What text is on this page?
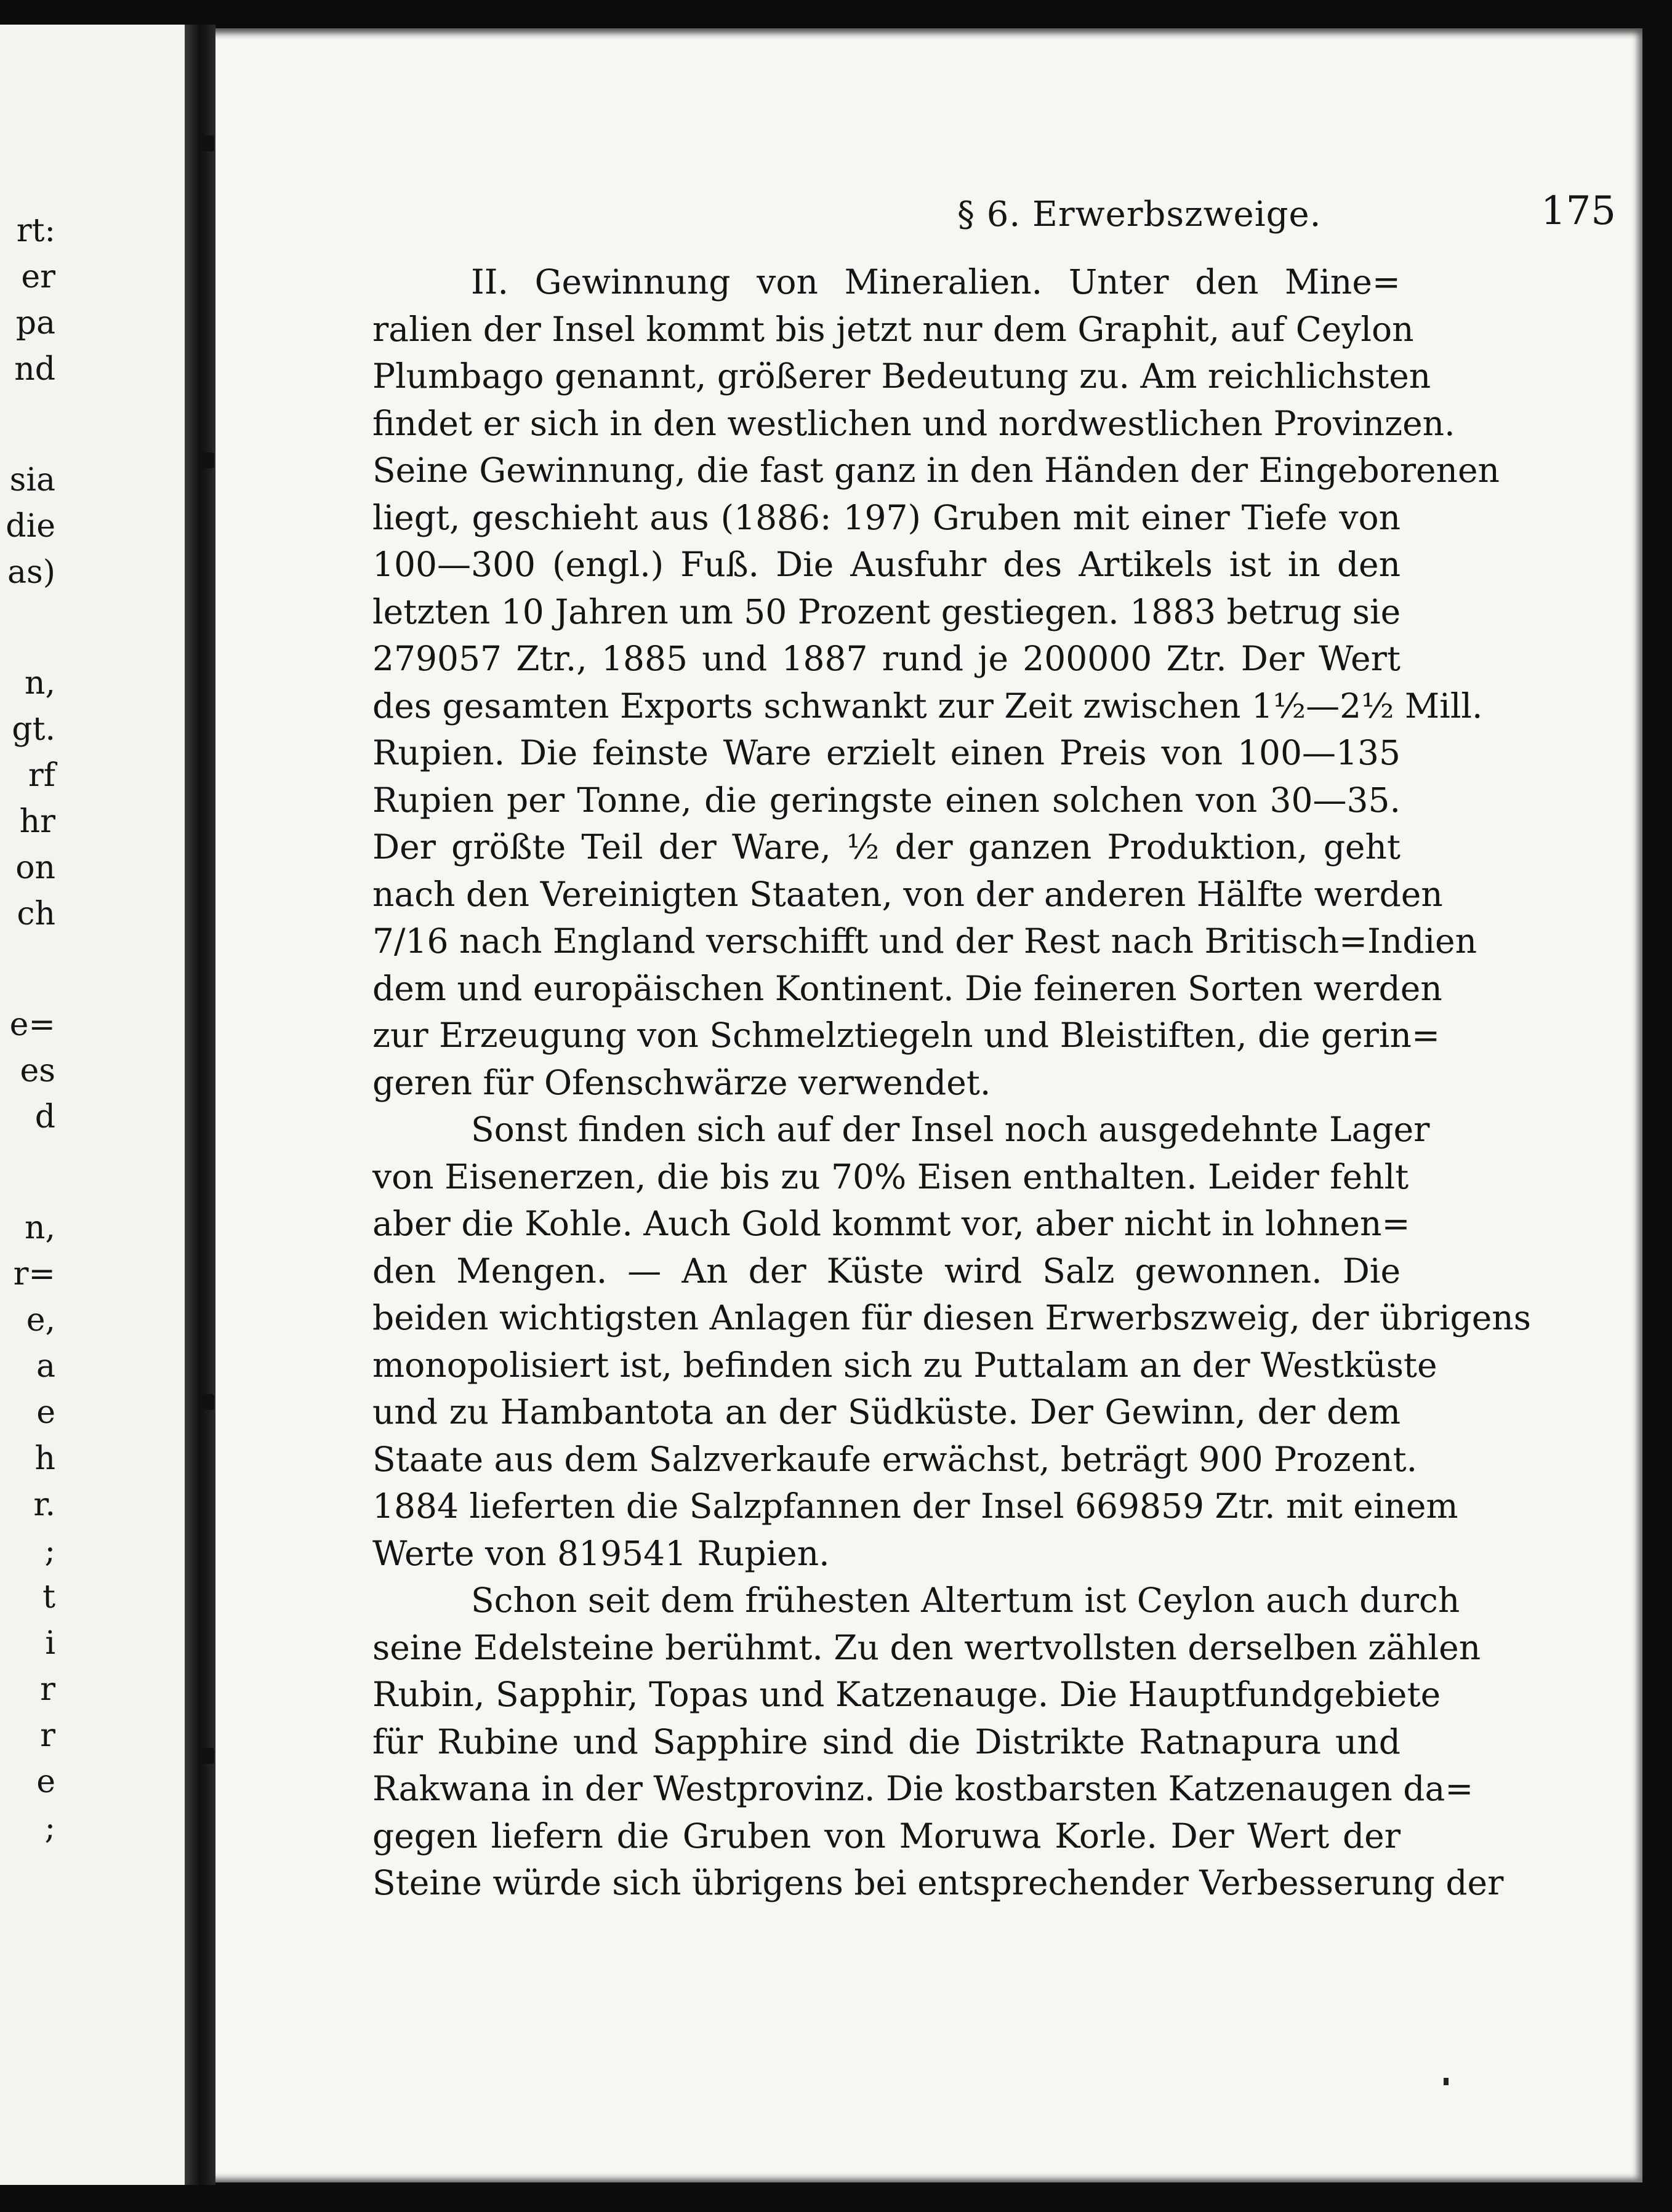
rt:
er
pa
nd
sia
die
as)
n,
gt.
rf
hr
on
ch
e=
es
d
n,
r=
e,
a
e
h
r.
;
t
i
r
r
e
;
§ 6. Erwerbszweige.	175
II. Gewinnung von Mineralien. Unter den Mine=
ralien der Insel kommt bis jetzt nur dem Graphit, auf Ceylon
Plumbago genannt, größerer Bedeutung zu. Am reichlichsten
findet er sich in den westlichen und nordwestlichen Provinzen.
Seine Gewinnung, die fast ganz in den Händen der Eingeborenen
liegt, geschieht aus (1886: 197) Gruben mit einer Tiefe von
100—300 (engl.) Fuß. Die Ausfuhr des Artikels ist in den
letzten 10 Jahren um 50 Prozent gestiegen. 1883 betrug sie
279057 Ztr., 1885 und 1887 rund je 200000 Ztr. Der Wert
des gesamten Exports schwankt zur Zeit zwischen 1½—2½ Mill.
Rupien. Die feinste Ware erzielt einen Preis von 100—135
Rupien per Tonne, die geringste einen solchen von 30—35.
Der größte Teil der Ware, ½ der ganzen Produktion, geht
nach den Vereinigten Staaten, von der anderen Hälfte werden
7/16 nach England verschifft und der Rest nach Britisch=Indien
dem und europäischen Kontinent. Die feineren Sorten werden
zur Erzeugung von Schmelztiegeln und Bleistiften, die gerin=
geren für Ofenschwärze verwendet.
Sonst finden sich auf der Insel noch ausgedehnte Lager
von Eisenerzen, die bis zu 70% Eisen enthalten. Leider fehlt
aber die Kohle. Auch Gold kommt vor, aber nicht in lohnen=
den Mengen. — An der Küste wird Salz gewonnen. Die
beiden wichtigsten Anlagen für diesen Erwerbszweig, der übrigens
monopolisiert ist, befinden sich zu Puttalam an der Westküste
und zu Hambantota an der Südküste. Der Gewinn, der dem
Staate aus dem Salzverkaufe erwächst, beträgt 900 Prozent.
1884 lieferten die Salzpfannen der Insel 669859 Ztr. mit einem
Werte von 819541 Rupien.
Schon seit dem frühesten Altertum ist Ceylon auch durch
seine Edelsteine berühmt. Zu den wertvollsten derselben zählen
Rubin, Sapphir, Topas und Katzenauge. Die Hauptfundgebiete
für Rubine und Sapphire sind die Distrikte Ratnapura und
Rakwana in der Westprovinz. Die kostbarsten Katzenaugen da=
gegen liefern die Gruben von Moruwa Korle. Der Wert der
Steine würde sich übrigens bei entsprechender Verbesserung der
